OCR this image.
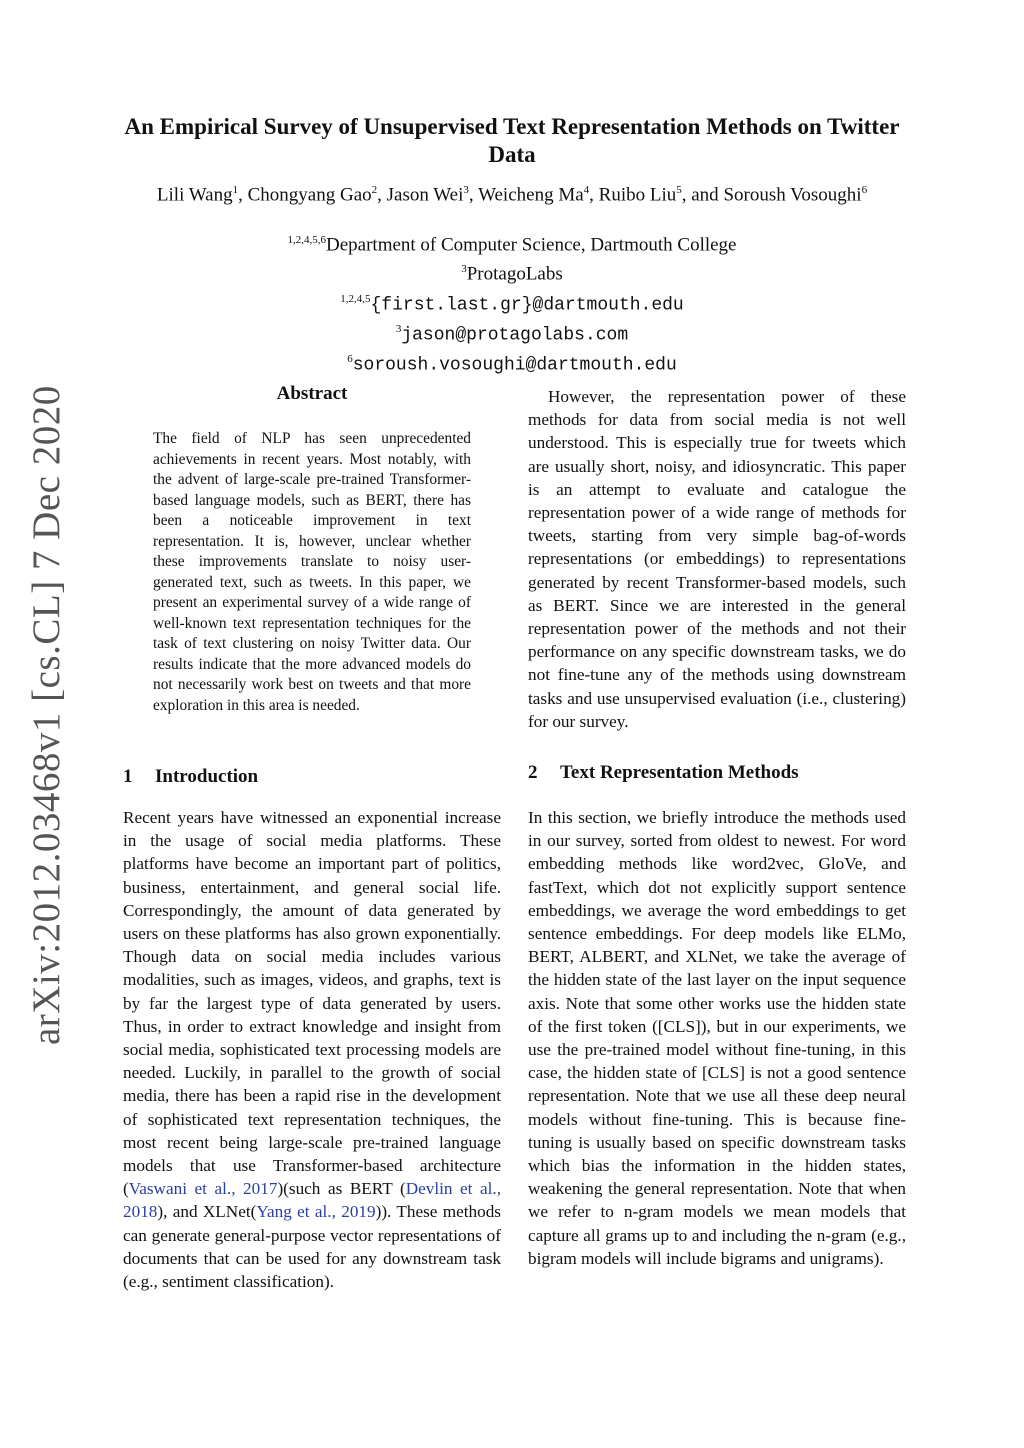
arXiv:2012.03468v1 [cs.CL] 7 Dec 2020
An Empirical Survey of Unsupervised Text Representation Methods on Twitter Data
Lili Wang$^1$, Chongyang Gao$^2$, Jason Wei$^3$, Weicheng Ma$^4$, Ruibo Liu$^5$, and Soroush Vosoughi$^6$
$^{1,2,4,5,6}$Department of Computer Science, Dartmouth College
$^3$ProtagoLabs
$^{1,2,4,5}${first.last.gr}@dartmouth.edu
$^3$jason@protagolabs.com
$^6$soroush.vosoughi@dartmouth.edu
Abstract
The field of NLP has seen unprecedented achievements in recent years. Most notably, with the advent of large-scale pre-trained Transformer-based language models, such as BERT, there has been a noticeable improvement in text representation. It is, however, unclear whether these improvements translate to noisy user-generated text, such as tweets. In this paper, we present an experimental survey of a wide range of well-known text representation techniques for the task of text clustering on noisy Twitter data. Our results indicate that the more advanced models do not necessarily work best on tweets and that more exploration in this area is needed.
1 Introduction
Recent years have witnessed an exponential increase in the usage of social media platforms. These platforms have become an important part of politics, business, entertainment, and general social life. Correspondingly, the amount of data generated by users on these platforms has also grown exponentially. Though data on social media includes various modalities, such as images, videos, and graphs, text is by far the largest type of data generated by users. Thus, in order to extract knowledge and insight from social media, sophisticated text processing models are needed. Luckily, in parallel to the growth of social media, there has been a rapid rise in the development of sophisticated text representation techniques, the most recent being large-scale pre-trained language models that use Transformer-based architecture (Vaswani et al., 2017)(such as BERT (Devlin et al., 2018), and XLNet(Yang et al., 2019)). These methods can generate general-purpose vector representations of documents that can be used for any downstream task (e.g., sentiment classification).
However, the representation power of these methods for data from social media is not well understood. This is especially true for tweets which are usually short, noisy, and idiosyncratic. This paper is an attempt to evaluate and catalogue the representation power of a wide range of methods for tweets, starting from very simple bag-of-words representations (or embeddings) to representations generated by recent Transformer-based models, such as BERT. Since we are interested in the general representation power of the methods and not their performance on any specific downstream tasks, we do not fine-tune any of the methods using downstream tasks and use unsupervised evaluation (i.e., clustering) for our survey.
2 Text Representation Methods
In this section, we briefly introduce the methods used in our survey, sorted from oldest to newest. For word embedding methods like word2vec, GloVe, and fastText, which dot not explicitly support sentence embeddings, we average the word embeddings to get sentence embeddings. For deep models like ELMo, BERT, ALBERT, and XLNet, we take the average of the hidden state of the last layer on the input sequence axis. Note that some other works use the hidden state of the first token ([CLS]), but in our experiments, we use the pre-trained model without fine-tuning, in this case, the hidden state of [CLS] is not a good sentence representation. Note that we use all these deep neural models without fine-tuning. This is because fine-tuning is usually based on specific downstream tasks which bias the information in the hidden states, weakening the general representation. Note that when we refer to n-gram models we mean models that capture all grams up to and including the n-gram (e.g., bigram models will include bigrams and unigrams).
